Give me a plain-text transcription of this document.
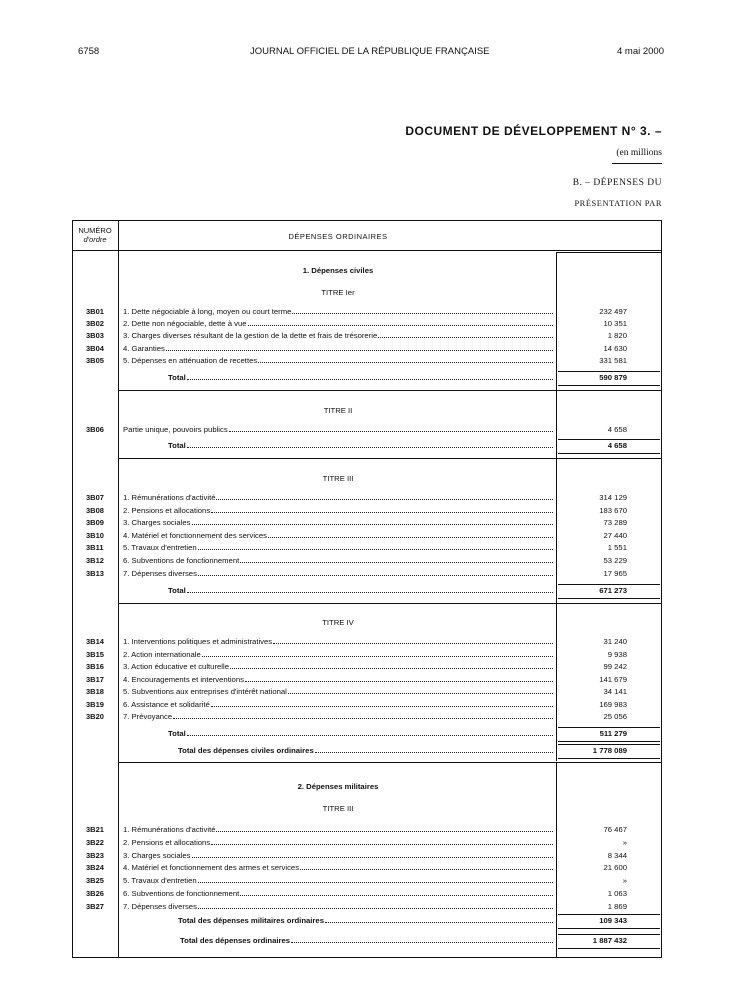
6758	JOURNAL OFFICIEL DE LA RÉPUBLIQUE FRANÇAISE	4 mai 2000
DOCUMENT DE DÉVELOPPEMENT N° 3. –
(en millions
B. – DÉPENSES DU
PRÉSENTATION PAR
NUMÉRO
d'ordre	DÉPENSES ORDINAIRES
1. Dépenses civiles
TITRE Ier
3B01	1. Dette négociable à long, moyen ou court terme	232 497
3B02	2. Dette non négociable, dette à vue	10 351
3B03	3. Charges diverses résultant de la gestion de la dette et frais de trésorerie	1 820
3B04	4. Garanties	14 630
3B05	5. Dépenses en atténuation de recettes	331 581
Total	590 879
TITRE II
3B06	Partie unique, pouvoirs publics	4 658
Total	4 658
TITRE III
3B07	1. Rémunérations d'activité	314 129
3B08	2. Pensions et allocations	183 670
3B09	3. Charges sociales	73 289
3B10	4. Matériel et fonctionnement des services	27 440
3B11	5. Travaux d'entretien	1 551
3B12	6. Subventions de fonctionnement	53 229
3B13	7. Dépenses diverses	17 965
Total	671 273
TITRE IV
3B14	1. Interventions politiques et administratives	31 240
3B15	2. Action internationale	9 938
3B16	3. Action éducative et culturelle	99 242
3B17	4. Encouragements et interventions	141 679
3B18	5. Subventions aux entreprises d'intérêt national	34 141
3B19	6. Assistance et solidarité	169 983
3B20	7. Prévoyance	25 056
Total	511 279
Total des dépenses civiles ordinaires	1 778 089
2. Dépenses militaires
TITRE III
3B21	1. Rémunérations d'activité	76 467
3B22	2. Pensions et allocations	»
3B23	3. Charges sociales	8 344
3B24	4. Matériel et fonctionnement des armes et services	21 600
3B25	5. Travaux d'entretien	»
3B26	6. Subventions de fonctionnement	1 063
3B27	7. Dépenses diverses	1 869
Total des dépenses militaires ordinaires	109 343
Total des dépenses ordinaires	1 887 432
